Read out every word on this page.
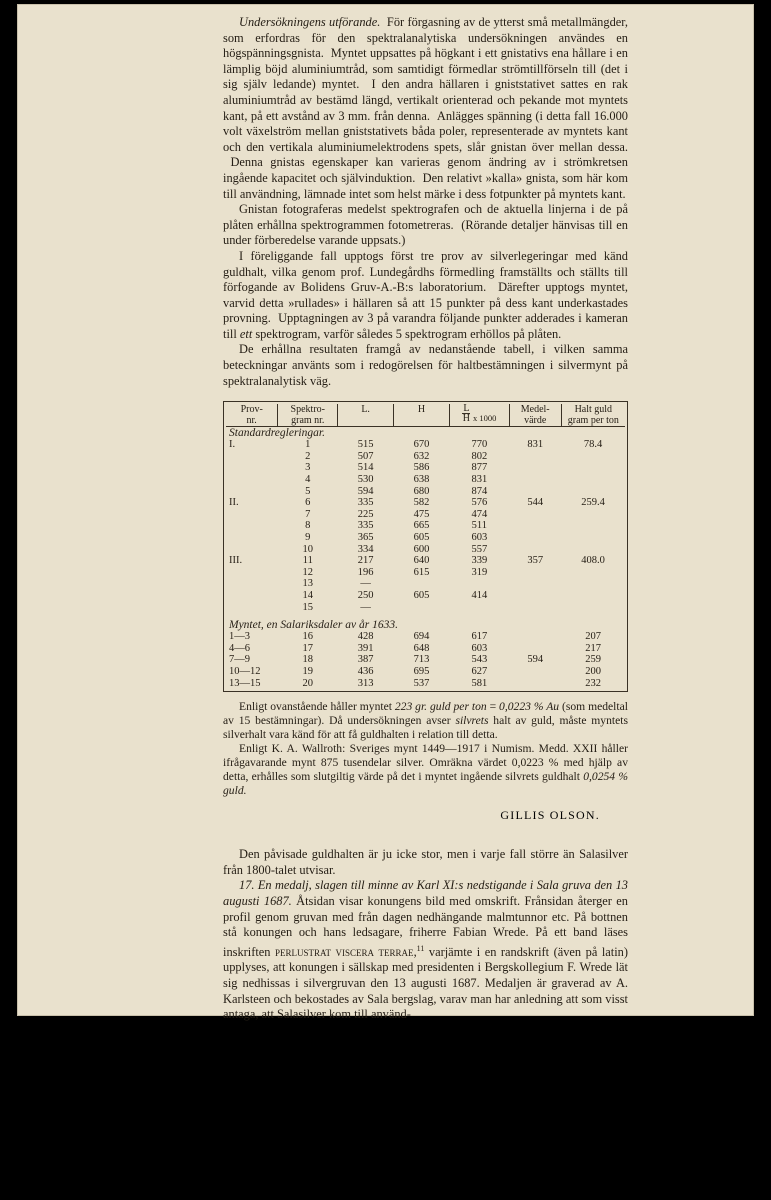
Undersökningens utförande.  För förgasning av de ytterst små metallmängder, som erfordras för den spektralanalytiska undersökningen användes en högspänningsgnista.  Myntet uppsattes på högkant i ett gnistativs ena hållare i en lämplig böjd aluminiumtråd, som samtidigt förmedlar strömtillförseln till (det i sig själv ledande) myntet.  I den andra hällaren i gniststativet sattes en rak aluminiumtråd av bestämd längd, vertikalt orienterad och pekande mot myntets kant, på ett avstånd av 3 mm. från denna.  Anlägges spänning (i detta fall 16.000 volt växelström mellan gniststativets båda poler, representerade av myntets kant och den vertikala aluminiumelektrodens spets, slår gnistan över mellan dessa.  Denna gnistas egenskaper kan varieras genom ändring av i strömkretsen ingående kapacitet och självinduktion.  Den relativt »kalla» gnista, som här kom till användning, lämnade intet som helst märke i dess fotpunkter på myntets kant.

Gnistan fotograferas medelst spektrografen och de aktuella linjerna i de på plåten erhållna spektrogrammen fotometreras.  (Rörande detaljer hänvisas till en under förberedelse varande uppsats.)

I föreliggande fall upptogs först tre prov av silverlegeringar med känd guldhalt, vilka genom prof. Lundegårdhs förmedling framställts och ställts till förfogande av Bolidens Gruv-A.-B:s laboratorium.  Därefter upptogs myntet, varvid detta »rullades» i hällaren så att 15 punkter på dess kant underkastades provning.  Upptagningen av 3 på varandra följande punkter adderades i kameran till ett spektrogram, varför således 5 spektrogram erhöllos på plåten.

De erhållna resultaten framgå av nedanstående tabell, i vilken samma beteckningar använts som i redogörelsen för haltbestämningen i silvermynt på spektralanalytisk väg.

Prov-
nr.	Spektro-
gram nr.	L.	H	$\frac{L}{H}$ x 1000	Medel-
värde	Halt guld
gram per ton
Standardregleringar.						
I.	1	515	670	770	831	78.4
	2	507	632	802		
	3	514	586	877		
	4	530	638	831		
	5	594	680	874		
II.	6	335	582	576	544	259.4
	7	225	475	474		
	8	335	665	511		
	9	365	605	603		
	10	334	600	557		
III.	11	217	640	339	357	408.0
	12	196	615	319		
	13	—				
	14	250	605	414		
	15	—				

Myntet, en Salariksdaler av år 1633.						
1—3	16	428	694	617		207
4—6	17	391	648	603		217
7—9	18	387	713	543	594	259
10—12	19	436	695	627		200
13—15	20	313	537	581		232

Enligt ovanstående håller myntet 223 gr. guld per ton = 0,0223 % Au (som medeltal av 15 bestämningar). Då undersökningen avser silvrets halt av guld, måste myntets silverhalt vara känd för att få guldhalten i relation till detta.

Enligt K. A. Wallroth: Sveriges mynt 1449—1917 i Numism. Medd. XXII håller ifrågavarande mynt 875 tusendelar silver. Omräkna värdet 0,0223 % med hjälp av detta, erhålles som slutgiltig värde på det i myntet ingående silvrets guldhalt 0,0254 % guld.

GILLIS OLSON.

Den påvisade guldhalten är ju icke stor, men i varje fall större än Salasilver från 1800-talet utvisar.

17. En medalj, slagen till minne av Karl XI:s nedstigande i Sala gruva den 13 augusti 1687. Åtsidan visar konungens bild med omskrift. Frånsidan återger en profil genom gruvan med från dagen nedhängande malmtunnor etc. På bottnen stå konungen och hans ledsagare, friherre Fabian Wrede. På ett band läses inskriften perlustrat viscera terrae,$^{11}$ varjämte i en randskrift (även på latin) upplyses, att konungen i sällskap med presidenten i Bergskollegium F. Wrede lät sig nedhissas i silvergruvan den 13 augusti 1687. Medaljen är graverad av A. Karlsteen och bekostades av Sala bergslag, varav man har anledning att som visst antaga, att Salasilver kom till använd-
